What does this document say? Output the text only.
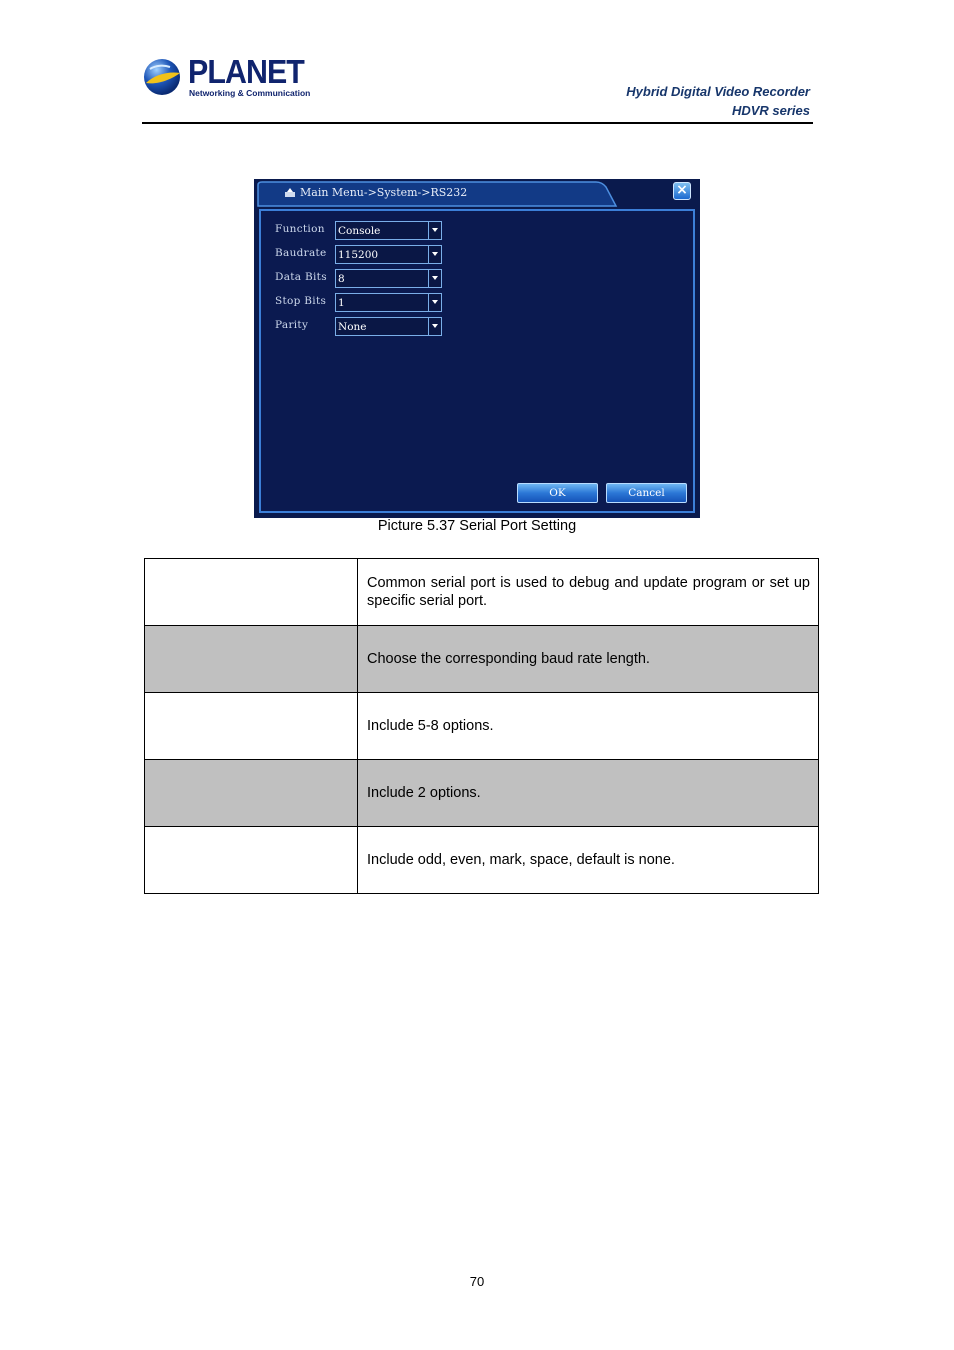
PLANET
Networking & Communication	Hybrid Digital Video Recorder
HDVR series
Main Menu->System->RS232	×
Function Console
Baudrate 115200
Data Bits 8
Stop Bits 1
Parity	None
OK	Cancel
Picture 5.37 Serial Port Setting
	Common serial port is used to debug and update program or set up specific serial port.
	Choose the corresponding baud rate length.
	Include 5-8 options.
	Include 2 options.
	Include odd, even, mark, space, default is none.
70
